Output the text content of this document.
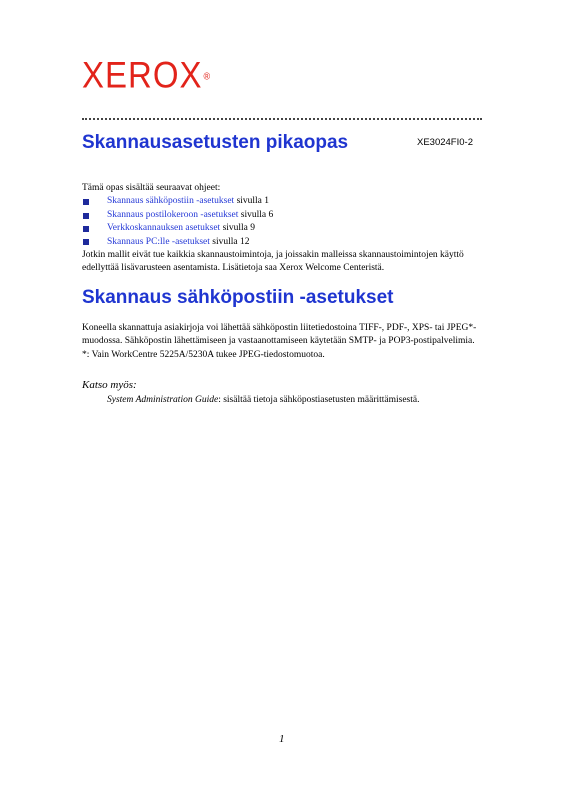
XEROX®
Skannausasetusten pikaopas	XE3024FI0-2

Tämä opas sisältää seuraavat ohjeet:

Skannaus sähköpostiin -asetukset sivulla 1
Skannaus postilokeroon -asetukset sivulla 6
Verkkoskannauksen asetukset sivulla 9
Skannaus PC:lle -asetukset sivulla 12

Jotkin mallit eivät tue kaikkia skannaustoimintoja, ja joissakin malleissa skannaustoimintojen käyttö edellyttää lisävarusteen asentamista. Lisätietoja saa Xerox Welcome Centeristä.

Skannaus sähköpostiin -asetukset

Koneella skannattuja asiakirjoja voi lähettää sähköpostin liitetiedostoina TIFF-, PDF-, XPS- tai JPEG*-muodossa. Sähköpostin lähettämiseen ja vastaanottamiseen käytetään SMTP- ja POP3-postipalvelimia.

*: Vain WorkCentre 5225A/5230A tukee JPEG-tiedostomuotoa.

Katso myös:
System Administration Guide: sisältää tietoja sähköpostiasetusten määrittämisestä.
1
